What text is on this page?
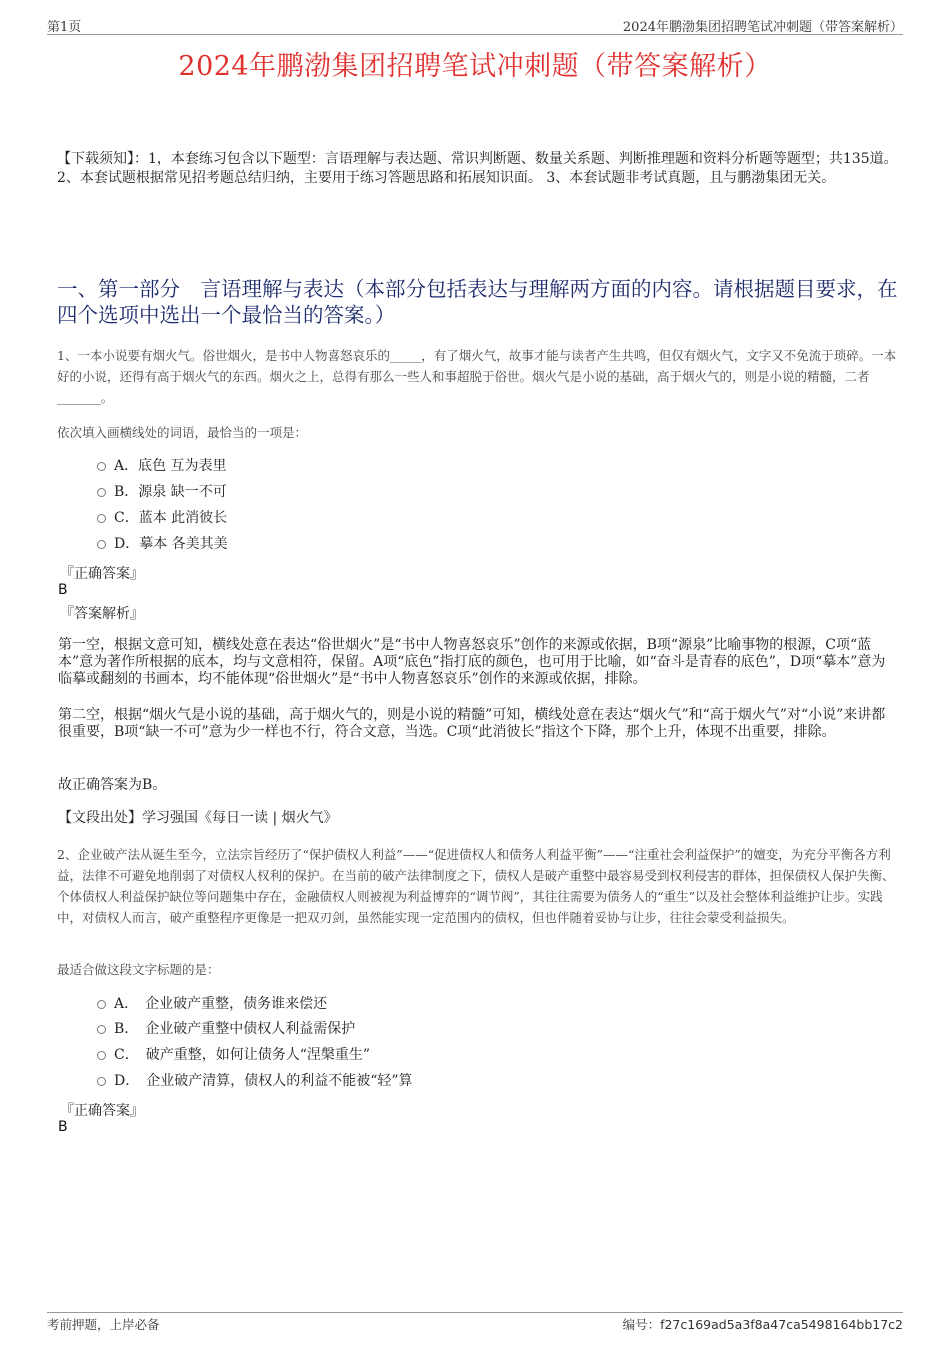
第1页	2024年鹏渤集团招聘笔试冲刺题（带答案解析）
2024年鹏渤集团招聘笔试冲刺题（带答案解析）
【下载须知】：1，本套练习包含以下题型：言语理解与表达题、常识判断题、数量关系题、判断推理题和资料分析题等题型；共135道。 2、本套试题根据常见招考题总结归纳，主要用于练习答题思路和拓展知识面。 3、本套试题非考试真题，且与鹏渤集团无关。
一、第一部分　言语理解与表达（本部分包括表达与理解两方面的内容。请根据题目要求，在四个选项中选出一个最恰当的答案。）
1、一本小说要有烟火气。俗世烟火，是书中人物喜怒哀乐的_____，有了烟火气，故事才能与读者产生共鸣，但仅有烟火气，文字又不免流于琐碎。一本好的小说，还得有高于烟火气的东西。烟火之上，总得有那么一些人和事超脱于俗世。烟火气是小说的基础，高于烟火气的，则是小说的精髓，二者_______。
依次填入画横线处的词语，最恰当的一项是：
A．底色 互为表里
B．源泉 缺一不可
C．蓝本 此消彼长
D．摹本 各美其美
『正确答案』
B
『答案解析』
第一空，根据文意可知，横线处意在表达“俗世烟火”是“书中人物喜怒哀乐”创作的来源或依据，B项“源泉”比喻事物的根源，C项“蓝本”意为著作所根据的底本，均与文意相符，保留。A项“底色”指打底的颜色，也可用于比喻，如“奋斗是青春的底色”，D项“摹本”意为临摹或翻刻的书画本，均不能体现“俗世烟火”是“书中人物喜怒哀乐”创作的来源或依据，排除。
第二空，根据“烟火气是小说的基础，高于烟火气的，则是小说的精髓”可知，横线处意在表达“烟火气”和“高于烟火气”对“小说”来讲都很重要，B项“缺一不可”意为少一样也不行，符合文意，当选。C项“此消彼长”指这个下降，那个上升，体现不出重要，排除。
故正确答案为B。
【文段出处】学习强国《每日一读 | 烟火气》
2、企业破产法从诞生至今，立法宗旨经历了“保护债权人利益”——“促进债权人和债务人利益平衡”——“注重社会利益保护”的嬗变，为充分平衡各方利益，法律不可避免地削弱了对债权人权利的保护。在当前的破产法律制度之下，债权人是破产重整中最容易受到权利侵害的群体，担保债权人保护失衡、个体债权人利益保护缺位等问题集中存在，金融债权人则被视为利益博弈的“调节阀”，其往往需要为债务人的“重生”以及社会整体利益维护让步。实践中，对债权人而言，破产重整程序更像是一把双刃剑，虽然能实现一定范围内的债权，但也伴随着妥协与让步，往往会蒙受利益损失。
最适合做这段文字标题的是：
A．　企业破产重整，债务谁来偿还
B．　企业破产重整中债权人利益需保护
C．　破产重整，如何让债务人“涅槃重生”
D．　企业破产清算，债权人的利益不能被“轻”算
『正确答案』
B
考前押题，上岸必备	编号：f27c169ad5a3f8a47ca5498164bb17c2
